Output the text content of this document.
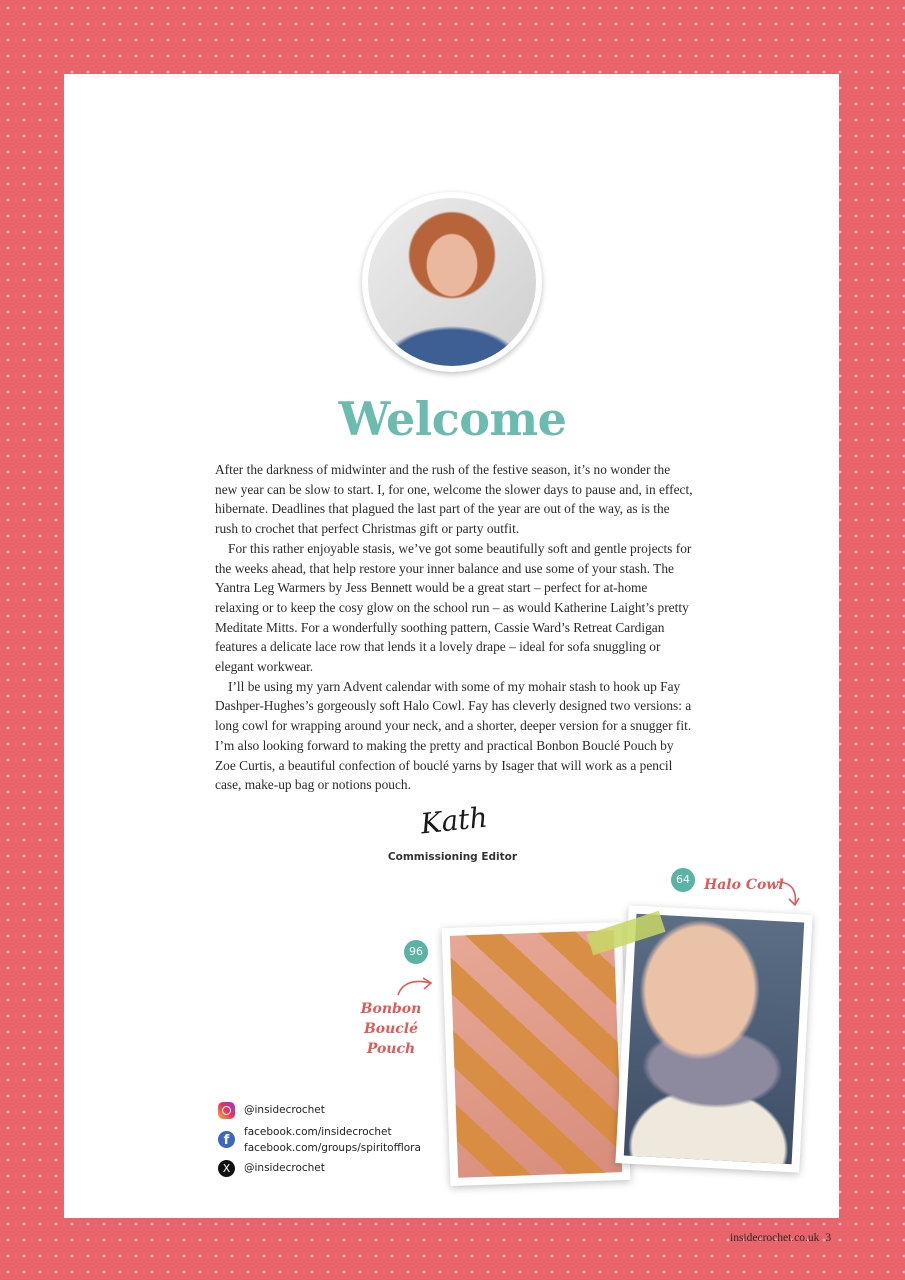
Welcome

After the darkness of midwinter and the rush of the festive season, it’s no wonder the new year can be slow to start. I, for one, welcome the slower days to pause and, in effect, hibernate. Deadlines that plagued the last part of the year are out of the way, as is the rush to crochet that perfect Christmas gift or party outfit.

For this rather enjoyable stasis, we’ve got some beautifully soft and gentle projects for the weeks ahead, that help restore your inner balance and use some of your stash. The Yantra Leg Warmers by Jess Bennett would be a great start – perfect for at-home relaxing or to keep the cosy glow on the school run – as would Katherine Laight’s pretty Meditate Mitts. For a wonderfully soothing pattern, Cassie Ward’s Retreat Cardigan features a delicate lace row that lends it a lovely drape – ideal for sofa snuggling or elegant workwear.

I’ll be using my yarn Advent calendar with some of my mohair stash to hook up Fay Dashper-Hughes’s gorgeously soft Halo Cowl. Fay has cleverly designed two versions: a long cowl for wrapping around your neck, and a shorter, deeper version for a snugger fit. I’m also looking forward to making the pretty and practical Bonbon Bouclé Pouch by Zoe Curtis, a beautiful confection of bouclé yarns by Isager that will work as a pencil case, make-up bag or notions pouch.

Kath
Commissioning Editor
64	Halo Cowl
96
Bonbon
Bouclé Pouch
@insidecrochet
f
facebook.com/insidecrochet
facebook.com/groups/spiritofflora
X	@insidecrochet
insidecrochet.co.uk 3
